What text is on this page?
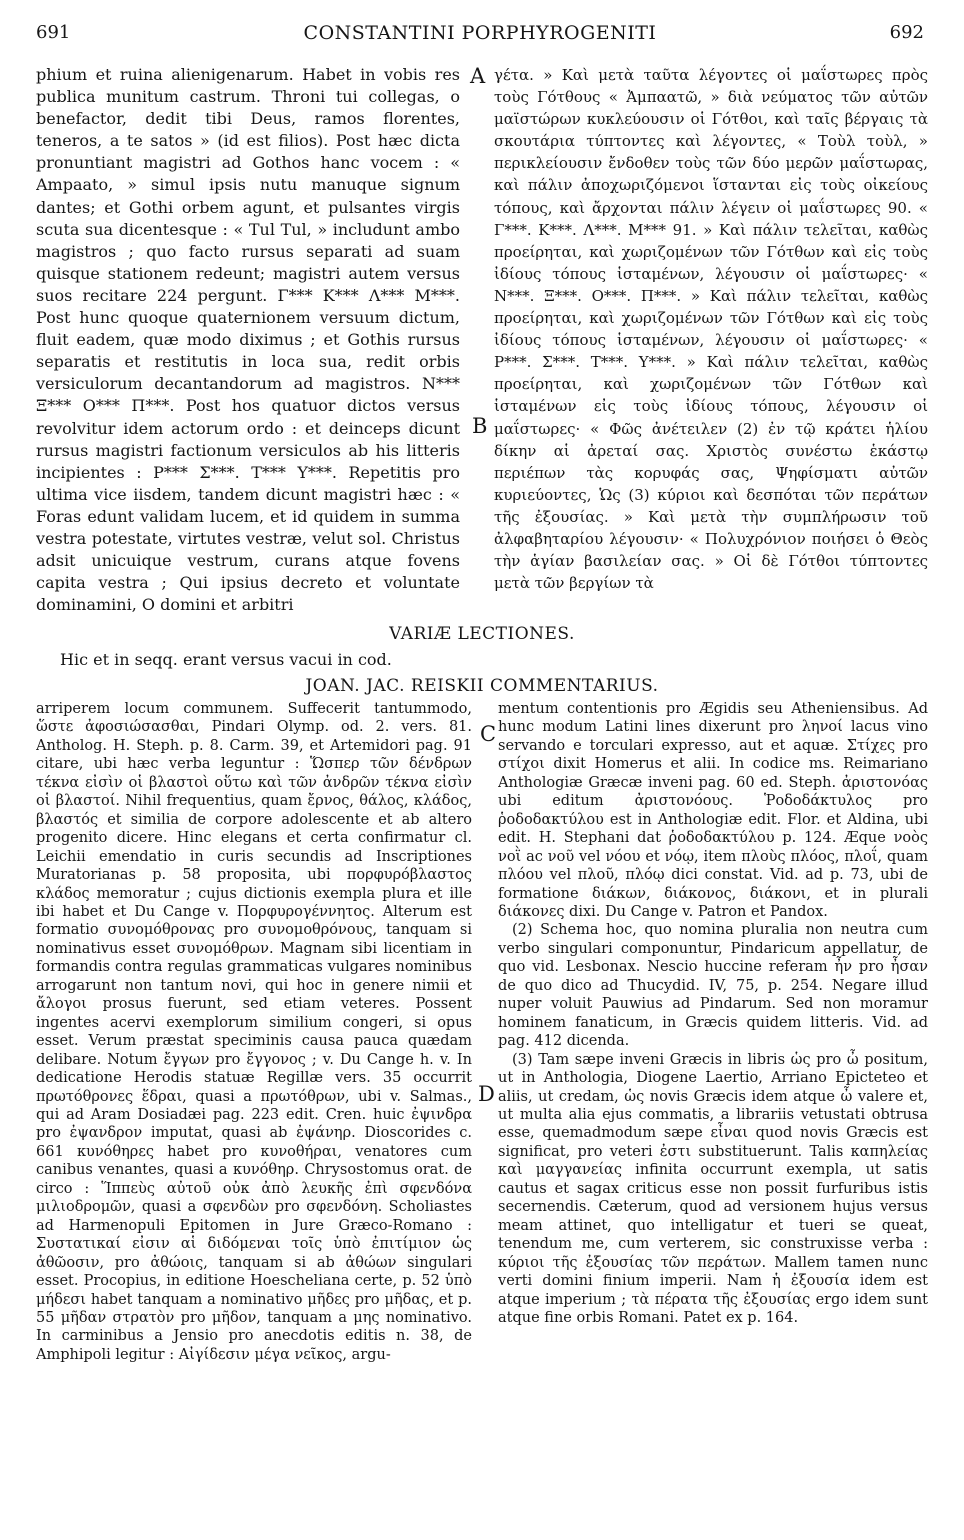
691	CONSTANTINI PORPHYROGENITI	692

phium et ruina alienigenarum. Habet in vobis res publica munitum castrum. Throni tui collegas, o benefactor, dedit tibi Deus, ramos florentes, teneros, a te satos » (id est filios). Post hæc dicta pronuntiant magistri ad Gothos hanc vocem : « Ampaato, » simul ipsis nutu manuque signum dantes; et Gothi orbem agunt, et pulsantes virgis scuta sua dicentesque : « Tul Tul, » includunt ambo magistros ; quo facto rursus separati ad suam quisque stationem redeunt; magistri autem versus suos recitare 224 pergunt. Γ*** Κ*** Λ*** Μ***. Post hunc quoque quaternionem versuum dictum, fluit eadem, quæ modo diximus ; et Gothis rursus separatis et restitutis in loca sua, redit orbis versiculorum decantandorum ad magistros. Ν*** Ξ*** Ο*** Π***. Post hos quatuor dictos versus revolvitur idem actorum ordo : et deinceps dicunt rursus magistri factionum versiculos ab his litteris incipientes : Ρ*** Σ***. Τ*** Υ***. Repetitis pro ultima vice iisdem, tandem dicunt magistri hæc : « Foras edunt validam lucem, et id quidem in summa vestra potestate, virtutes vestræ, velut sol. Christus adsit unicuique vestrum, curans atque fovens capita vestra ; Qui ipsius decreto et voluntate dominamini, O domini et arbitri

A
B

γέτα. » Καὶ μετὰ ταῦτα λέγοντες οἱ μαΐστωρες πρὸς τοὺς Γότθους « Ἀμπαατῶ, » διὰ νεύματος τῶν αὐτῶν μαϊστώρων κυκλεύουσιν οἱ Γότθοι, καὶ ταῖς βέργαις τὰ σκουτάρια τύπτοντες καὶ λέγοντες, « Τοὺλ τοὺλ, » περικλείουσιν ἔνδοθεν τοὺς τῶν δύο μερῶν μαΐστωρας, καὶ πάλιν ἀποχωριζόμενοι ἵστανται εἰς τοὺς οἰκείους τόπους, καὶ ἄρχονται πάλιν λέγειν οἱ μαΐστωρες 90. « Γ***. Κ***. Λ***. Μ*** 91. » Καὶ πάλιν τελεῖται, καθὼς προείρηται, καὶ χωριζομένων τῶν Γότθων καὶ εἰς τοὺς ἰδίους τόπους ἱσταμένων, λέγουσιν οἱ μαΐστωρες· « Ν***. Ξ***. Ο***. Π***. » Καὶ πάλιν τελεῖται, καθὼς προείρηται, καὶ χωριζομένων τῶν Γότθων καὶ εἰς τοὺς ἰδίους τόπους ἱσταμένων, λέγουσιν οἱ μαΐστωρες· « Ρ***. Σ***. Τ***. Υ***. » Καὶ πάλιν τελεῖται, καθὼς προείρηται, καὶ χωριζομένων τῶν Γότθων καὶ ἱσταμένων εἰς τοὺς ἰδίους τόπους, λέγουσιν οἱ μαΐστωρες· « Φῶς ἀνέτειλεν (2) ἐν τῷ κράτει ἡλίου δίκην αἱ ἀρεταί σας. Χριστὸς συνέστω ἑκάστῳ περιέπων τὰς κορυφάς σας, Ψηφίσματι αὐτῶν κυριεύοντες, Ὡς (3) κύριοι καὶ δεσπόται τῶν περάτων τῆς ἐξουσίας. » Καὶ μετὰ τὴν συμπλήρωσιν τοῦ ἀλφαβηταρίου λέγουσιν· « Πολυχρόνιον ποιήσει ὁ Θεὸς τὴν ἁγίαν βασιλείαν σας. » Οἱ δὲ Γότθοι τύπτοντες μετὰ τῶν βεργίων τὰ

VARIÆ LECTIONES.
Hic et in seqq. erant versus vacui in cod.
JOAN. JAC. REISKII COMMENTARIUS.

arriperem locum communem. Suffecerit tantummodo, ὥστε ἀφοσιώσασθαι, Pindari Olymp. od. 2. vers. 81. Antholog. H. Steph. p. 8. Carm. 39, et Artemidori pag. 91 citare, ubi hæc verba leguntur : Ὥσπερ τῶν δένδρων τέκνα εἰσὶν οἱ βλαστοὶ οὕτω καὶ τῶν ἀνδρῶν τέκνα εἰσὶν οἱ βλαστοί. Nihil frequentius, quam ἔρνος, θάλος, κλάδος, βλαστός et similia de corpore adolescente et ab altero progenito dicere. Hinc elegans et certa confirmatur cl. Leichii emendatio in curis secundis ad Inscriptiones Muratorianas p. 58 proposita, ubi πορφυρόβλαστος κλάδος memoratur ; cujus dictionis exempla plura et ille ibi habet et Du Cange v. Πορφυρογέννητος. Alterum est formatio συνομόθρονας pro συνομοθρόνους, tanquam si nominativus esset συνομόθρων. Magnam sibi licentiam in formandis contra regulas grammaticas vulgares nominibus arrogarunt non tantum novi, qui hoc in genere nimii et ἄλογοι prosus fuerunt, sed etiam veteres. Possent ingentes acervi exemplorum similium congeri, si opus esset. Verum præstat speciminis causa pauca quædam delibare. Notum ἔγγων pro ἔγγονος ; v. Du Cange h. v. In dedicatione Herodis statuæ Regillæ vers. 35 occurrit πρωτόθρονες ἕδραι, quasi a πρωτόθρων, ubi v. Salmas., qui ad Aram Dosiadæi pag. 223 edit. Cren. huic ἐψινδρα pro ἐψανδρον imputat, quasi ab ἐψάνηρ. Dioscorides c. 661 κυνόθηρες habet pro κυνοθήραι, venatores cum canibus venantes, quasi a κυνόθηρ. Chrysostomus orat. de circo : Ἵππεὺς αὐτοῦ οὐκ ἀπὸ λευκῆς ἐπὶ σφενδόνα μιλιοδρομῶν, quasi a σφενδὼν pro σφενδόνη. Scholiastes ad Harmenopuli Epitomen in Jure Græco-Romano : Συστατικαί εἰσιν αἱ διδόμεναι τοῖς ὑπὸ ἐπιτίμιον ὡς ἀθῶοσιν, pro ἀθώοις, tanquam si ab ἀθώων singulari esset. Procopius, in editione Hoescheliana certe, p. 52 ὑπὸ μήδεσι habet tanquam a nominativo μῆδες pro μῆδας, et p. 55 μῆδαν στρατὸν pro μῆδον, tanquam a μης nominativo. In carminibus a Jensio pro anecdotis editis n. 38, de Amphipoli legitur : Αἰγίδεσιν μέγα νεῖκος, argu-

C
D

mentum contentionis pro Ægidis seu Atheniensibus. Ad hunc modum Latini lines dixerunt pro ληνοί lacus vino servando e torculari expresso, aut et aquæ. Στίχες pro στίχοι dixit Homerus et alii. In codice ms. Reimariano Anthologiæ Græcæ inveni pag. 60 ed. Steph. ἀριστονόας ubi editum ἀριστονόους. Ῥοδοδάκτυλος pro ῥοδοδακτύλου est in Anthologiæ edit. Flor. et Aldina, ubi edit. H. Stephani dat ῥοδοδακτύλου p. 124. Æque νοὸς νοῒ ac νοῦ vel νόου et νόῳ, item πλοὺς πλόος, πλοΐ, quam πλόου vel πλοῦ, πλόῳ dici constat. Vid. ad p. 73, ubi de formatione διάκων, διάκονος, διάκονι, et in plurali διάκονες dixi. Du Cange v. Patron et Pandox.

(2) Schema hoc, quo nomina pluralia non neutra cum verbo singulari componuntur, Pindaricum appellatur, de quo vid. Lesbonax. Nescio huccine referam ἦν pro ἦσαν de quo dico ad Thucydid. IV, 75, p. 254. Negare illud nuper voluit Pauwius ad Pindarum. Sed non moramur hominem fanaticum, in Græcis quidem litteris. Vid. ad pag. 412 dicenda.

(3) Tam sæpe inveni Græcis in libris ὡς pro ὦ positum, ut in Anthologia, Diogene Laertio, Arriano Epicteteo et aliis, ut credam, ὡς novis Græcis idem atque ὦ valere et, ut multa alia ejus commatis, a librariis vetustati obtrusa esse, quemadmodum sæpe εἶναι quod novis Græcis est significat, pro veteri ἐστι substituerunt. Talis καπηλείας καὶ μαγγανείας infinita occurrunt exempla, ut satis cautus et sagax criticus esse non possit furfuribus istis secernendis. Cæterum, quod ad versionem hujus versus meam attinet, quo intelligatur et tueri se queat, tenendum me, cum verterem, sic construxisse verba : κύριοι τῆς ἐξουσίας τῶν περάτων. Mallem tamen nunc verti domini finium imperii. Nam ἡ ἐξουσία idem est atque imperium ; τὰ πέρατα τῆς ἐξουσίας ergo idem sunt atque fine orbis Romani. Patet ex p. 164.
